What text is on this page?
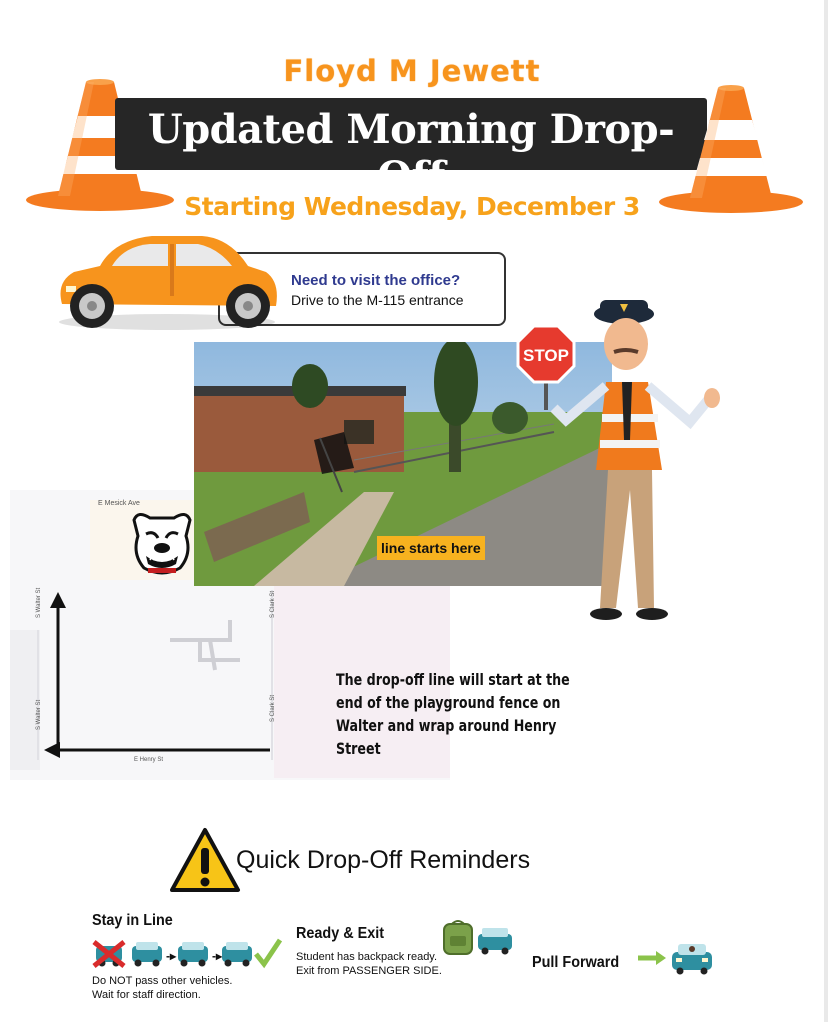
Floyd M Jewett
Updated Morning Drop-Off
Starting Wednesday, December 3
Need to visit the office?
Drive to the M-115 entrance
E Mesick Ave
S Walter St
S Walter St
S Clark St
S Clark St
E Henry St
line starts here
STOP
The drop-off line will start at the end of the playground fence on Walter and wrap around Henry Street
Quick Drop-Off Reminders
Stay in Line
-▸	-▸
Do NOT pass other vehicles.
Wait for staff direction.
Ready & Exit
Student has backpack ready.
Exit from PASSENGER SIDE.	Pull Forward
